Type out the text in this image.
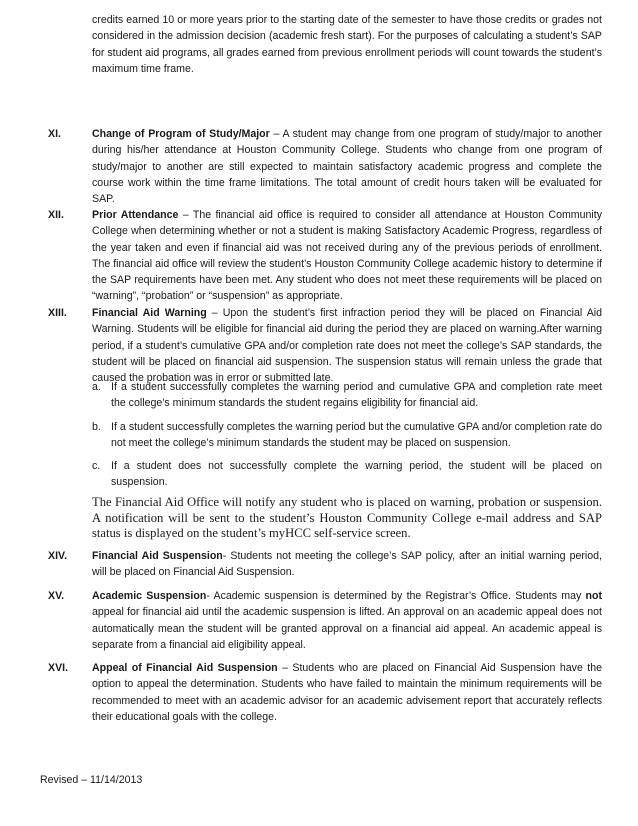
credits earned 10 or more years prior to the starting date of the semester to have those credits or grades not considered in the admission decision (academic fresh start). For the purposes of calculating a student’s SAP for student aid programs, all grades earned from previous enrollment periods will count towards the student’s maximum time frame.

XI.	Change of Program of Study/Major – A student may change from one program of study/major to another during his/her attendance at Houston Community College. Students who change from one program of study/major to another are still expected to maintain satisfactory academic progress and complete the course work within the time frame limitations. The total amount of credit hours taken will be evaluated for SAP.

XII.	Prior Attendance – The financial aid office is required to consider all attendance at Houston Community College when determining whether or not a student is making Satisfactory Academic Progress, regardless of the year taken and even if financial aid was not received during any of the previous periods of enrollment. The financial aid office will review the student’s Houston Community College academic history to determine if the SAP requirements have been met. Any student who does not meet these requirements will be placed on “warning”, “probation” or “suspension” as appropriate.

XIII. Financial Aid Warning – Upon the student’s first infraction period they will be placed on Financial Aid Warning. Students will be eligible for financial aid during the period they are placed on warning.After warning period, if a student’s cumulative GPA and/or completion rate does not meet the college’s SAP standards, the student will be placed on financial aid suspension. The suspension status will remain unless the grade that caused the probation was in error or submitted late.

a. If a student successfully completes the warning period and cumulative GPA and completion rate meet the college’s minimum standards the student regains eligibility for financial aid.
b. If a student successfully completes the warning period but the cumulative GPA and/or completion rate do not meet the college’s minimum standards the student may be placed on suspension.
c. If a student does not successfully complete the warning period, the student will be placed on suspension.

The Financial Aid Office will notify any student who is placed on warning, probation or suspension. A notification will be sent to the student’s Houston Community College e-mail address and SAP status is displayed on the student’s myHCC self-service screen.

XIV. Financial Aid Suspension- Students not meeting the college’s SAP policy, after an initial warning period, will be placed on Financial Aid Suspension.

XV.	Academic Suspension- Academic suspension is determined by the Registrar’s Office. Students may not appeal for financial aid until the academic suspension is lifted. An approval on an academic appeal does not automatically mean the student will be granted approval on a financial aid appeal. An academic appeal is separate from a financial aid eligibility appeal.

XVI. Appeal of Financial Aid Suspension – Students who are placed on Financial Aid Suspension have the option to appeal the determination. Students who have failed to maintain the minimum requirements will be recommended to meet with an academic advisor for an academic advisement report that accurately reflects their educational goals with the college.

Revised – 11/14/2013
